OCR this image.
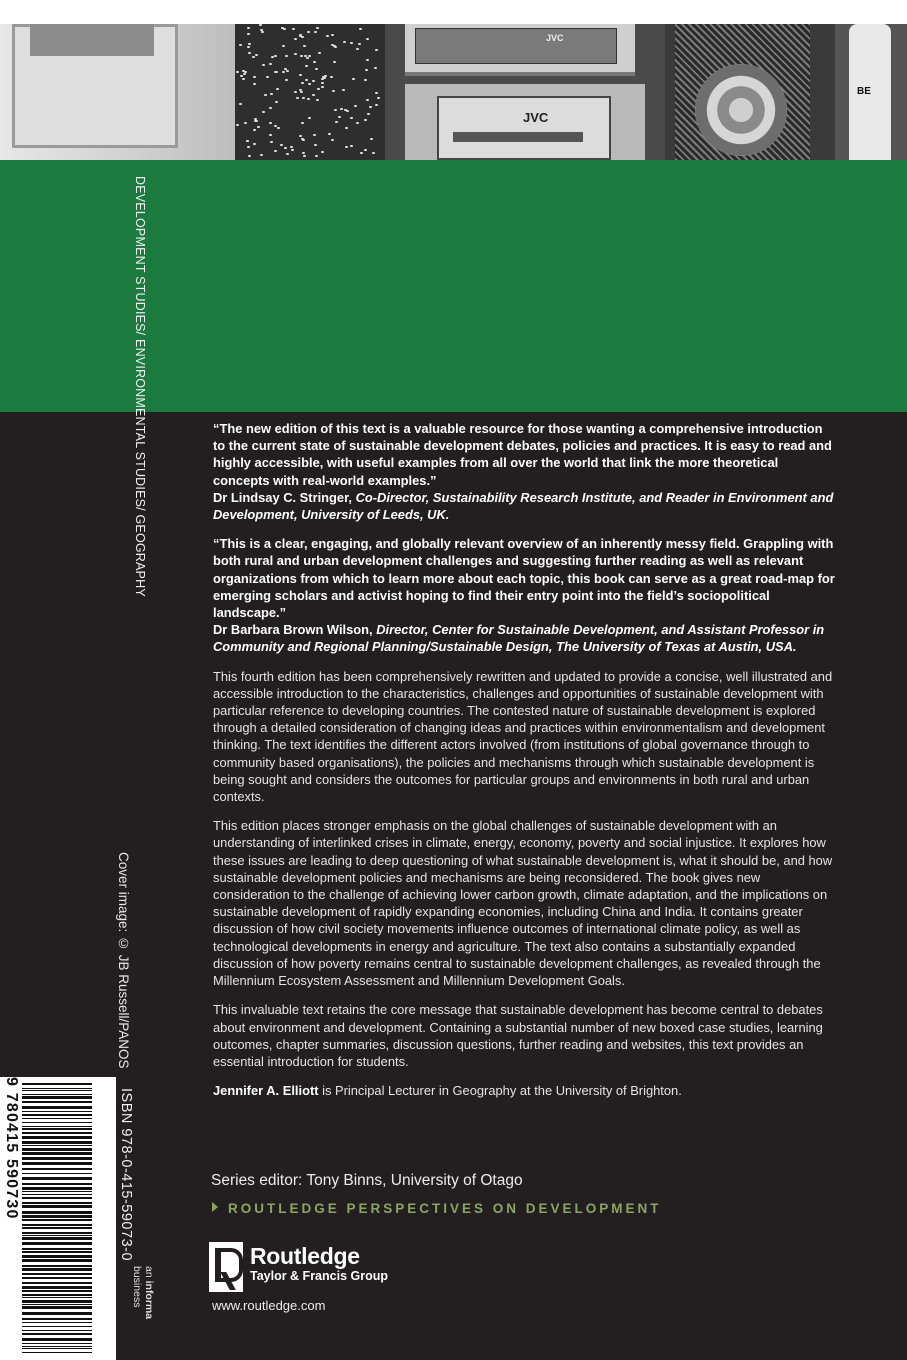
JVC
JVC
BE
DEVELOPMENT STUDIES/ ENVIRONMENTAL STUDIES/ GEOGRAPHY	“The new edition of this text is a valuable resource for those wanting a comprehensive introduction to the current state of sustainable development debates, policies and practices. It is easy to read and highly accessible, with useful examples from all over the world that link the more theoretical concepts with real-world examples.”

Dr Lindsay C. Stringer, Co-Director, Sustainability Research Institute, and Reader in Environment and Development, University of Leeds, UK.

“This is a clear, engaging, and globally relevant overview of an inherently messy field. Grappling with both rural and urban development challenges and suggesting further reading as well as relevant organizations from which to learn more about each topic, this book can serve as a great road-map for emerging scholars and activist hoping to find their entry point into the field’s sociopolitical landscape.”

Dr Barbara Brown Wilson, Director, Center for Sustainable Development, and Assistant Professor in Community and Regional Planning/Sustainable Design, The University of Texas at Austin, USA.

This fourth edition has been comprehensively rewritten and updated to provide a concise, well illustrated and accessible introduction to the characteristics, challenges and opportunities of sustainable development with particular reference to developing countries. The contested nature of sustainable development is explored through a detailed consideration of changing ideas and practices within environmentalism and development thinking. The text identifies the different actors involved (from institutions of global governance through to community based organisations), the policies and mechanisms through which sustainable development is being sought and considers the outcomes for particular groups and environments in both rural and urban contexts.

This edition places stronger emphasis on the global challenges of sustainable development with an understanding of interlinked crises in climate, energy, economy, poverty and social injustice. It explores how these issues are leading to deep questioning of what sustainable development is, what it should be, and how sustainable development policies and mechanisms are being reconsidered. The book gives new consideration to the challenge of achieving lower carbon growth, climate adaptation, and the implications on sustainable development of rapidly expanding economies, including China and India. It contains greater discussion of how civil society movements influence outcomes of international climate policy, as well as technological developments in energy and agriculture. The text also contains a substantially expanded discussion of how poverty remains central to sustainable development challenges, as revealed through the Millennium Ecosystem Assessment and Millennium Development Goals.

This invaluable text retains the core message that sustainable development has become central to debates about environment and development. Containing a substantial number of new boxed case studies, learning outcomes, chapter summaries, discussion questions, further reading and websites, this text provides an essential introduction for students.

Jennifer A. Elliott is Principal Lecturer in Geography at the University of Brighton.

Series editor: Tony Binns, University of Otago
ROUTLEDGE PERSPECTIVES ON DEVELOPMENT
Routledge
Taylor & Francis Group
www.routledge.com
Cover image: © JB Russell/PANOS
9 780415 590730	ISBN 978-0-415-59073-0
an informa business
